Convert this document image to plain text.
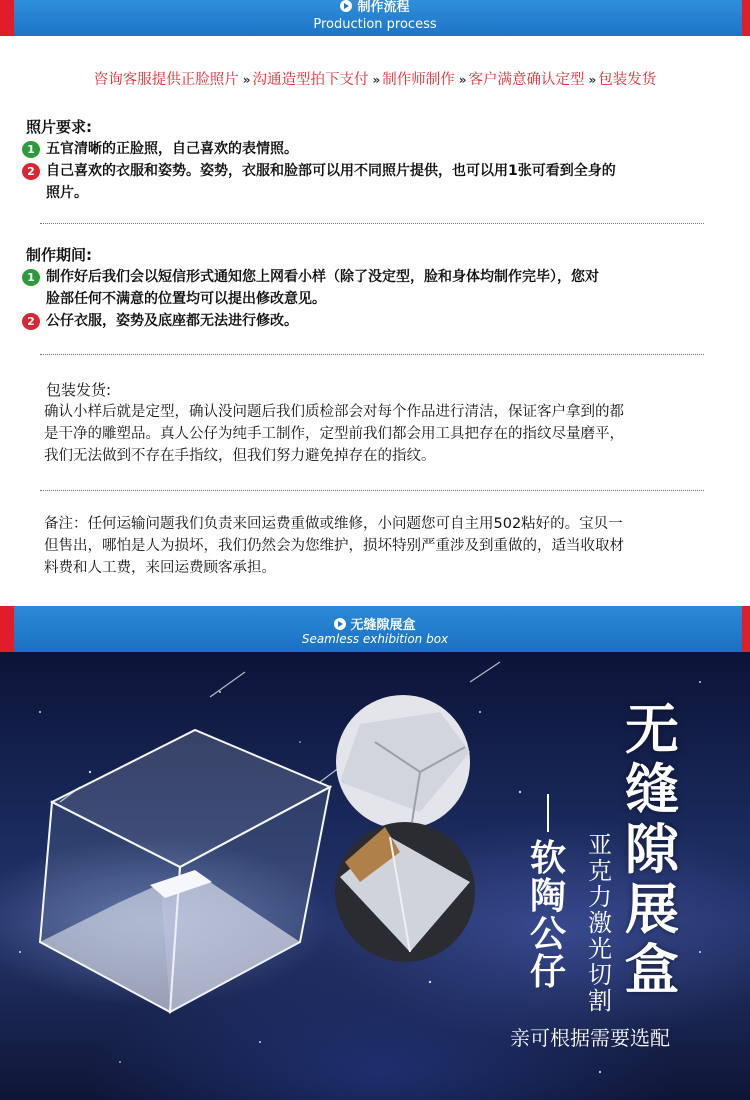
制作流程
Production process
咨询客服提供正脸照片 » 沟通造型拍下支付 » 制作师制作 » 客户满意确认定型 » 包装发货
照片要求:
1 五官清晰的正脸照，自己喜欢的表情照。
2 自己喜欢的衣服和姿势。姿势，衣服和脸部可以用不同照片提供，也可以用1张可看到全身的
照片。
制作期间:
1 制作好后我们会以短信形式通知您上网看小样（除了没定型，脸和身体均制作完毕），您对
脸部任何不满意的位置均可以提出修改意见。
2 公仔衣服，姿势及底座都无法进行修改。
包装发货:
确认小样后就是定型，确认没问题后我们质检部会对每个作品进行清洁，保证客户拿到的都
是干净的雕塑品。真人公仔为纯手工制作，定型前我们都会用工具把存在的指纹尽量磨平，
我们无法做到不存在手指纹，但我们努力避免掉存在的指纹。
备注：任何运输问题我们负责来回运费重做或维修，小问题您可自主用502粘好的。宝贝一
但售出，哪怕是人为损坏，我们仍然会为您维护，损坏特别严重涉及到重做的，适当收取材
料费和人工费，来回运费顾客承担。
无缝隙展盒
Seamless exhibition box
无缝隙展盒
亚克力激光切割
软陶公仔
亲可根据需要选配
